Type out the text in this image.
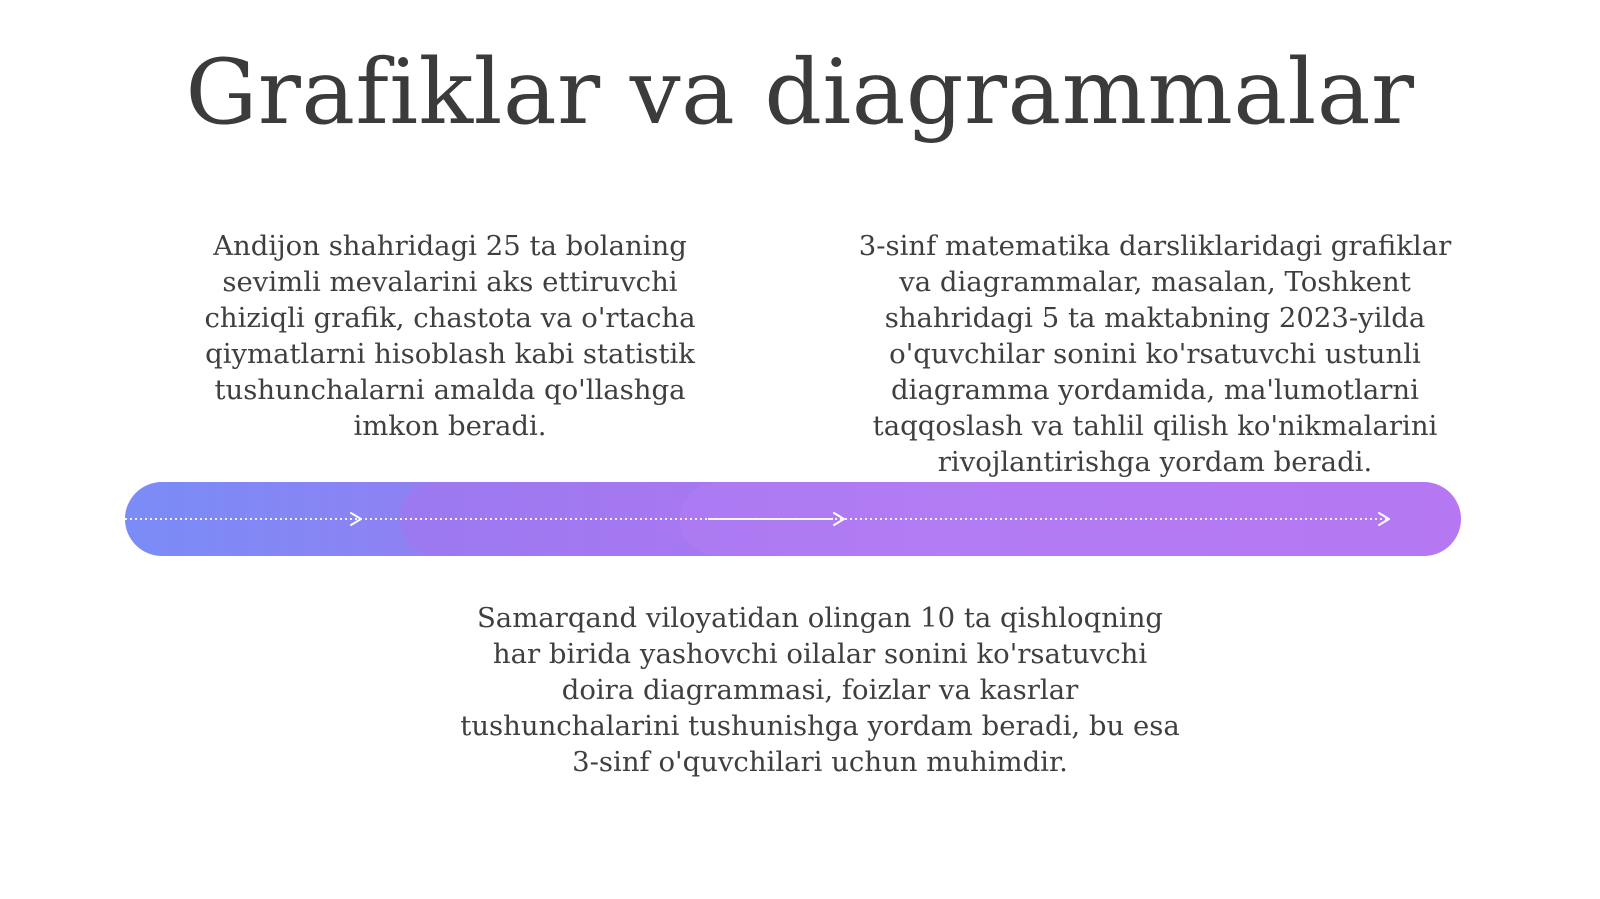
Grafiklar va diagrammalar

Andijon shahridagi 25 ta bolaning sevimli mevalarini aks ettiruvchi chiziqli grafik, chastota va o'rtacha qiymatlarni hisoblash kabi statistik tushunchalarni amalda qo'llashga imkon beradi.

3-sinf matematika darsliklaridagi grafiklar va diagrammalar, masalan, Toshkent shahridagi 5 ta maktabning 2023-yilda o'quvchilar sonini ko'rsatuvchi ustunli diagramma yordamida, ma'lumotlarni taqqoslash va tahlil qilish ko'nikmalarini rivojlantirishga yordam beradi.

Samarqand viloyatidan olingan 10 ta qishloqning har birida yashovchi oilalar sonini ko'rsatuvchi doira diagrammasi, foizlar va kasrlar tushunchalarini tushunishga yordam beradi, bu esa 3-sinf o'quvchilari uchun muhimdir.
